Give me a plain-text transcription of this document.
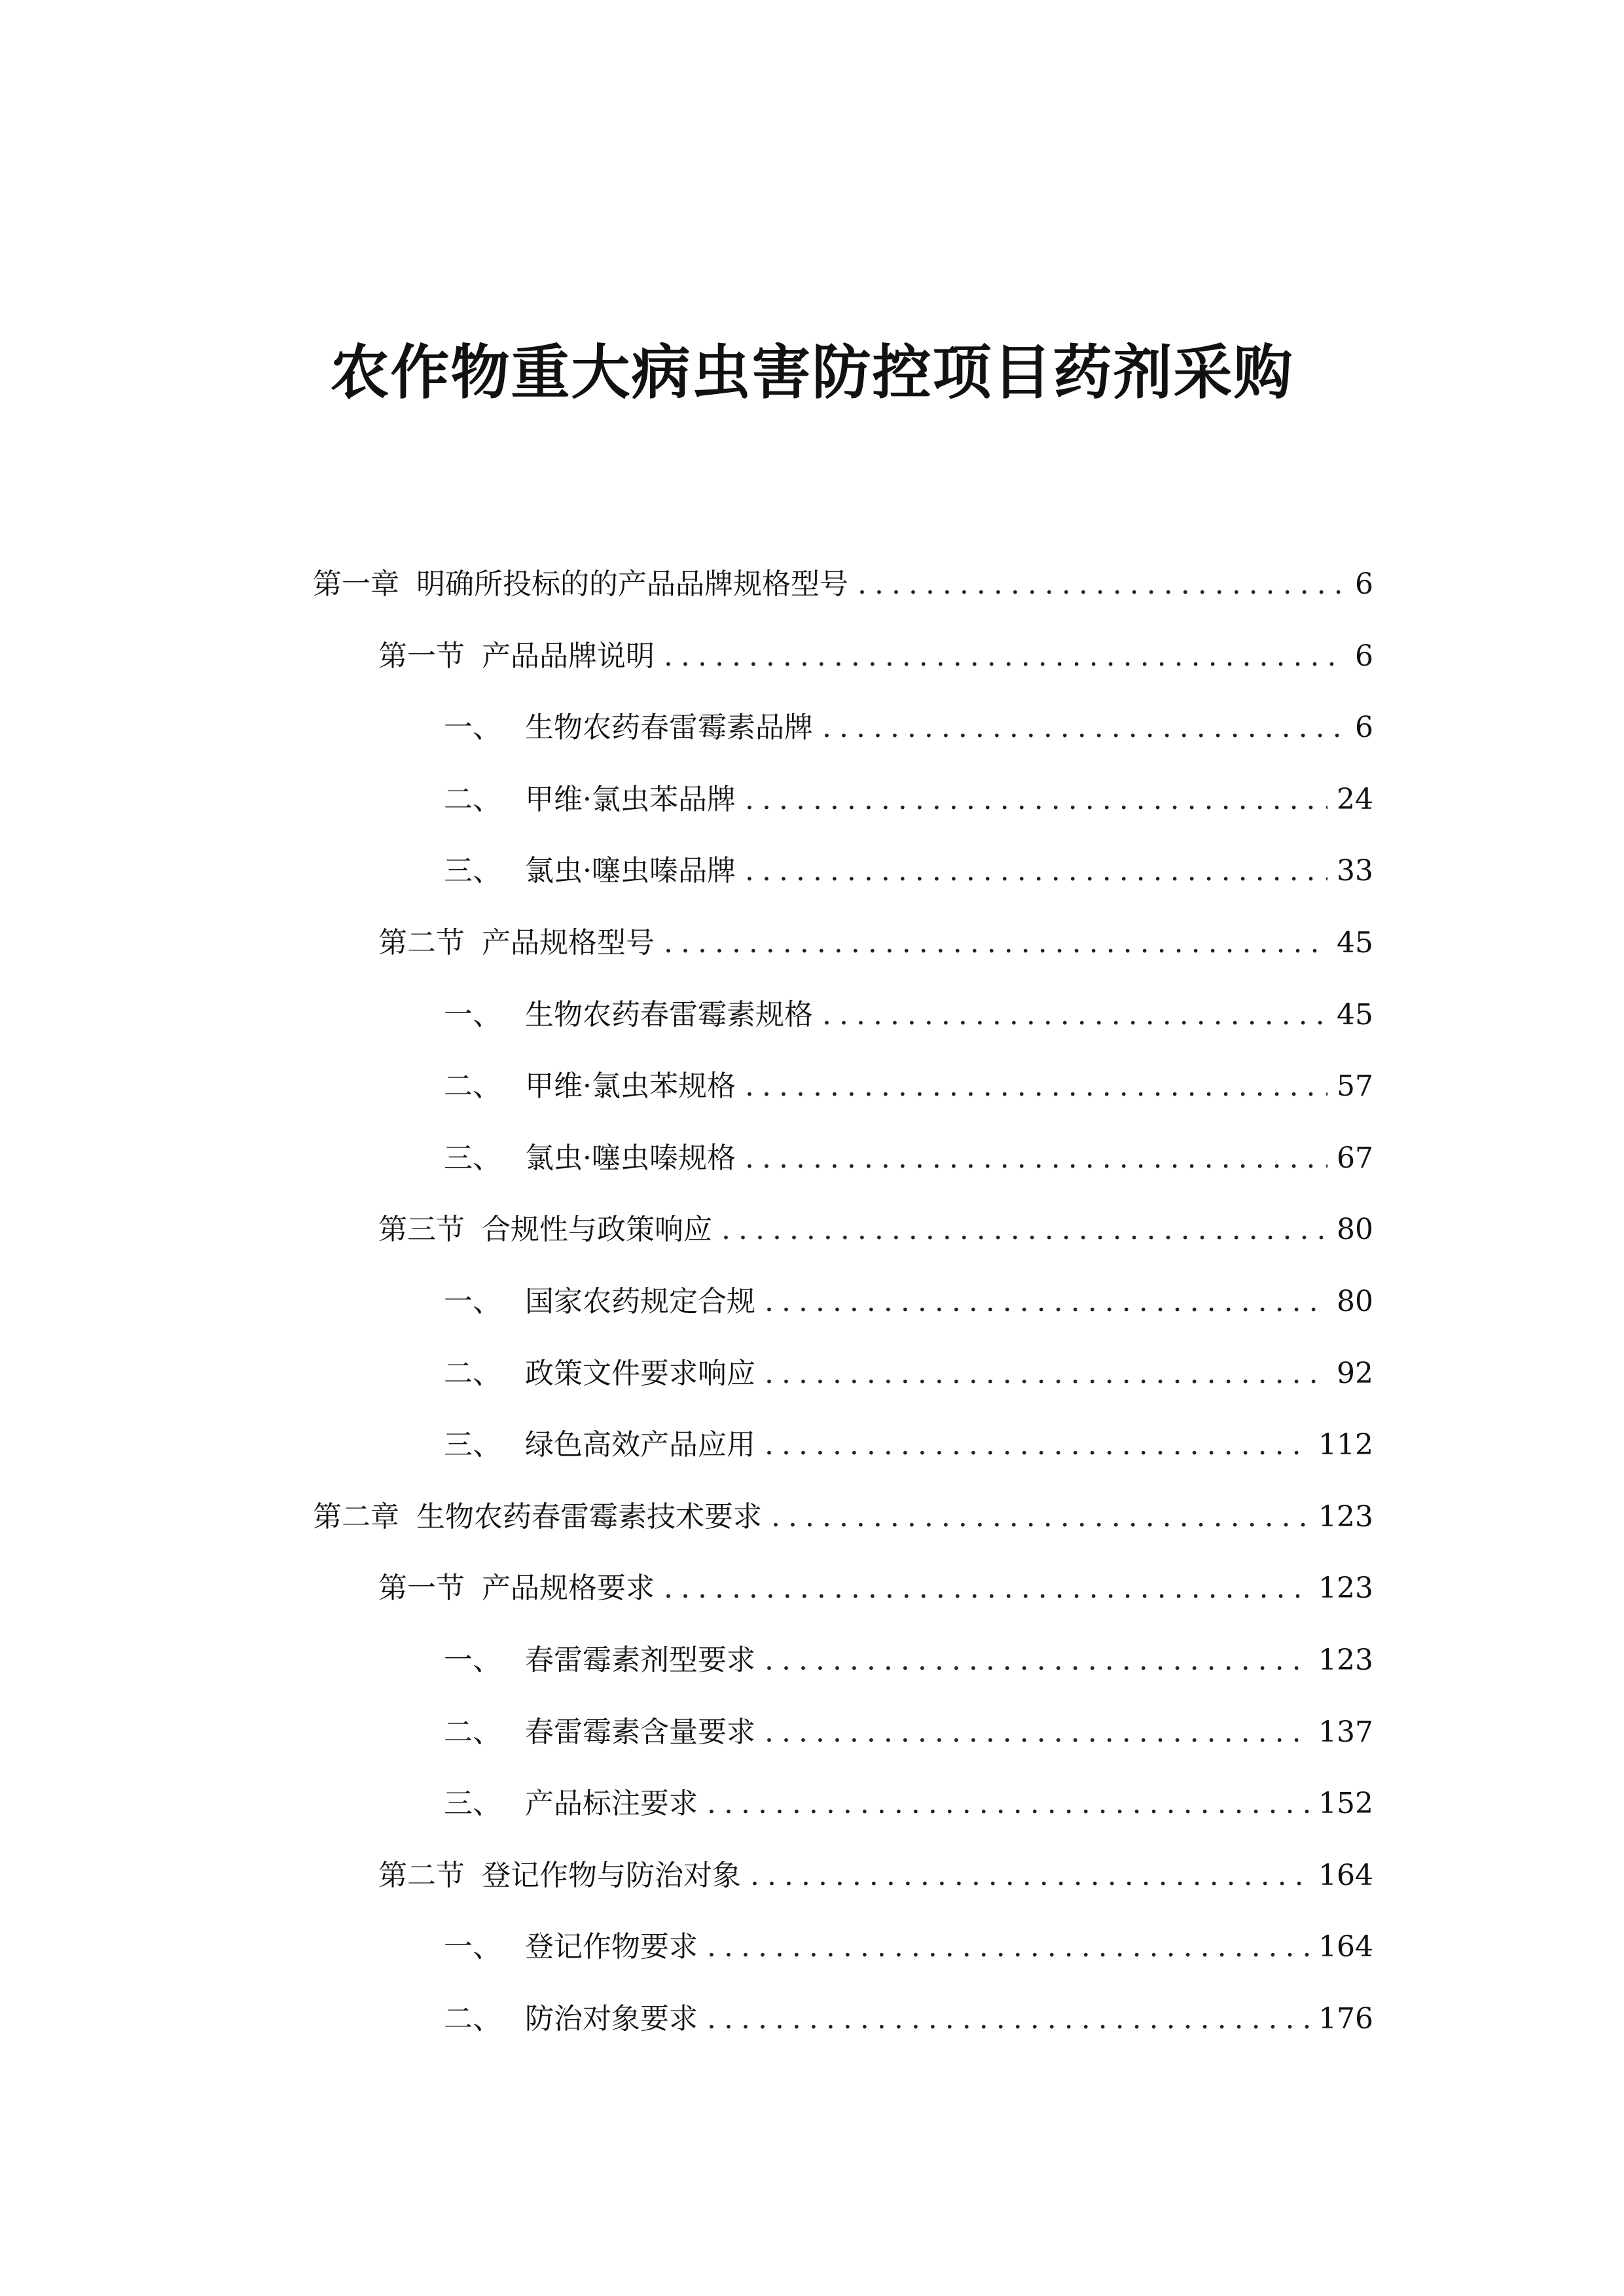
农作物重大病虫害防控项目药剂采购
第一章 明确所投标的的产品品牌规格型号 .....	6
第一节 产品品牌说明 .....	6
一、 生物农药春雷霉素品牌 .....	6
二、 甲维·氯虫苯品牌 .....	24
三、 氯虫·噻虫嗪品牌 .....	33
第二节 产品规格型号 .....	45
一、 生物农药春雷霉素规格 .....	45
二、 甲维·氯虫苯规格 .....	57
三、 氯虫·噻虫嗪规格 .....	67
第三节 合规性与政策响应 .....	80
一、 国家农药规定合规 .....	80
二、 政策文件要求响应 .....	92
三、 绿色高效产品应用 .....	112
第二章 生物农药春雷霉素技术要求 .....	123
第一节 产品规格要求 .....	123
一、 春雷霉素剂型要求 .....	123
二、 春雷霉素含量要求 .....	137
三、 产品标注要求 .....	152
第二节 登记作物与防治对象 .....	164
一、 登记作物要求 .....	164
二、 防治对象要求 .....	176
